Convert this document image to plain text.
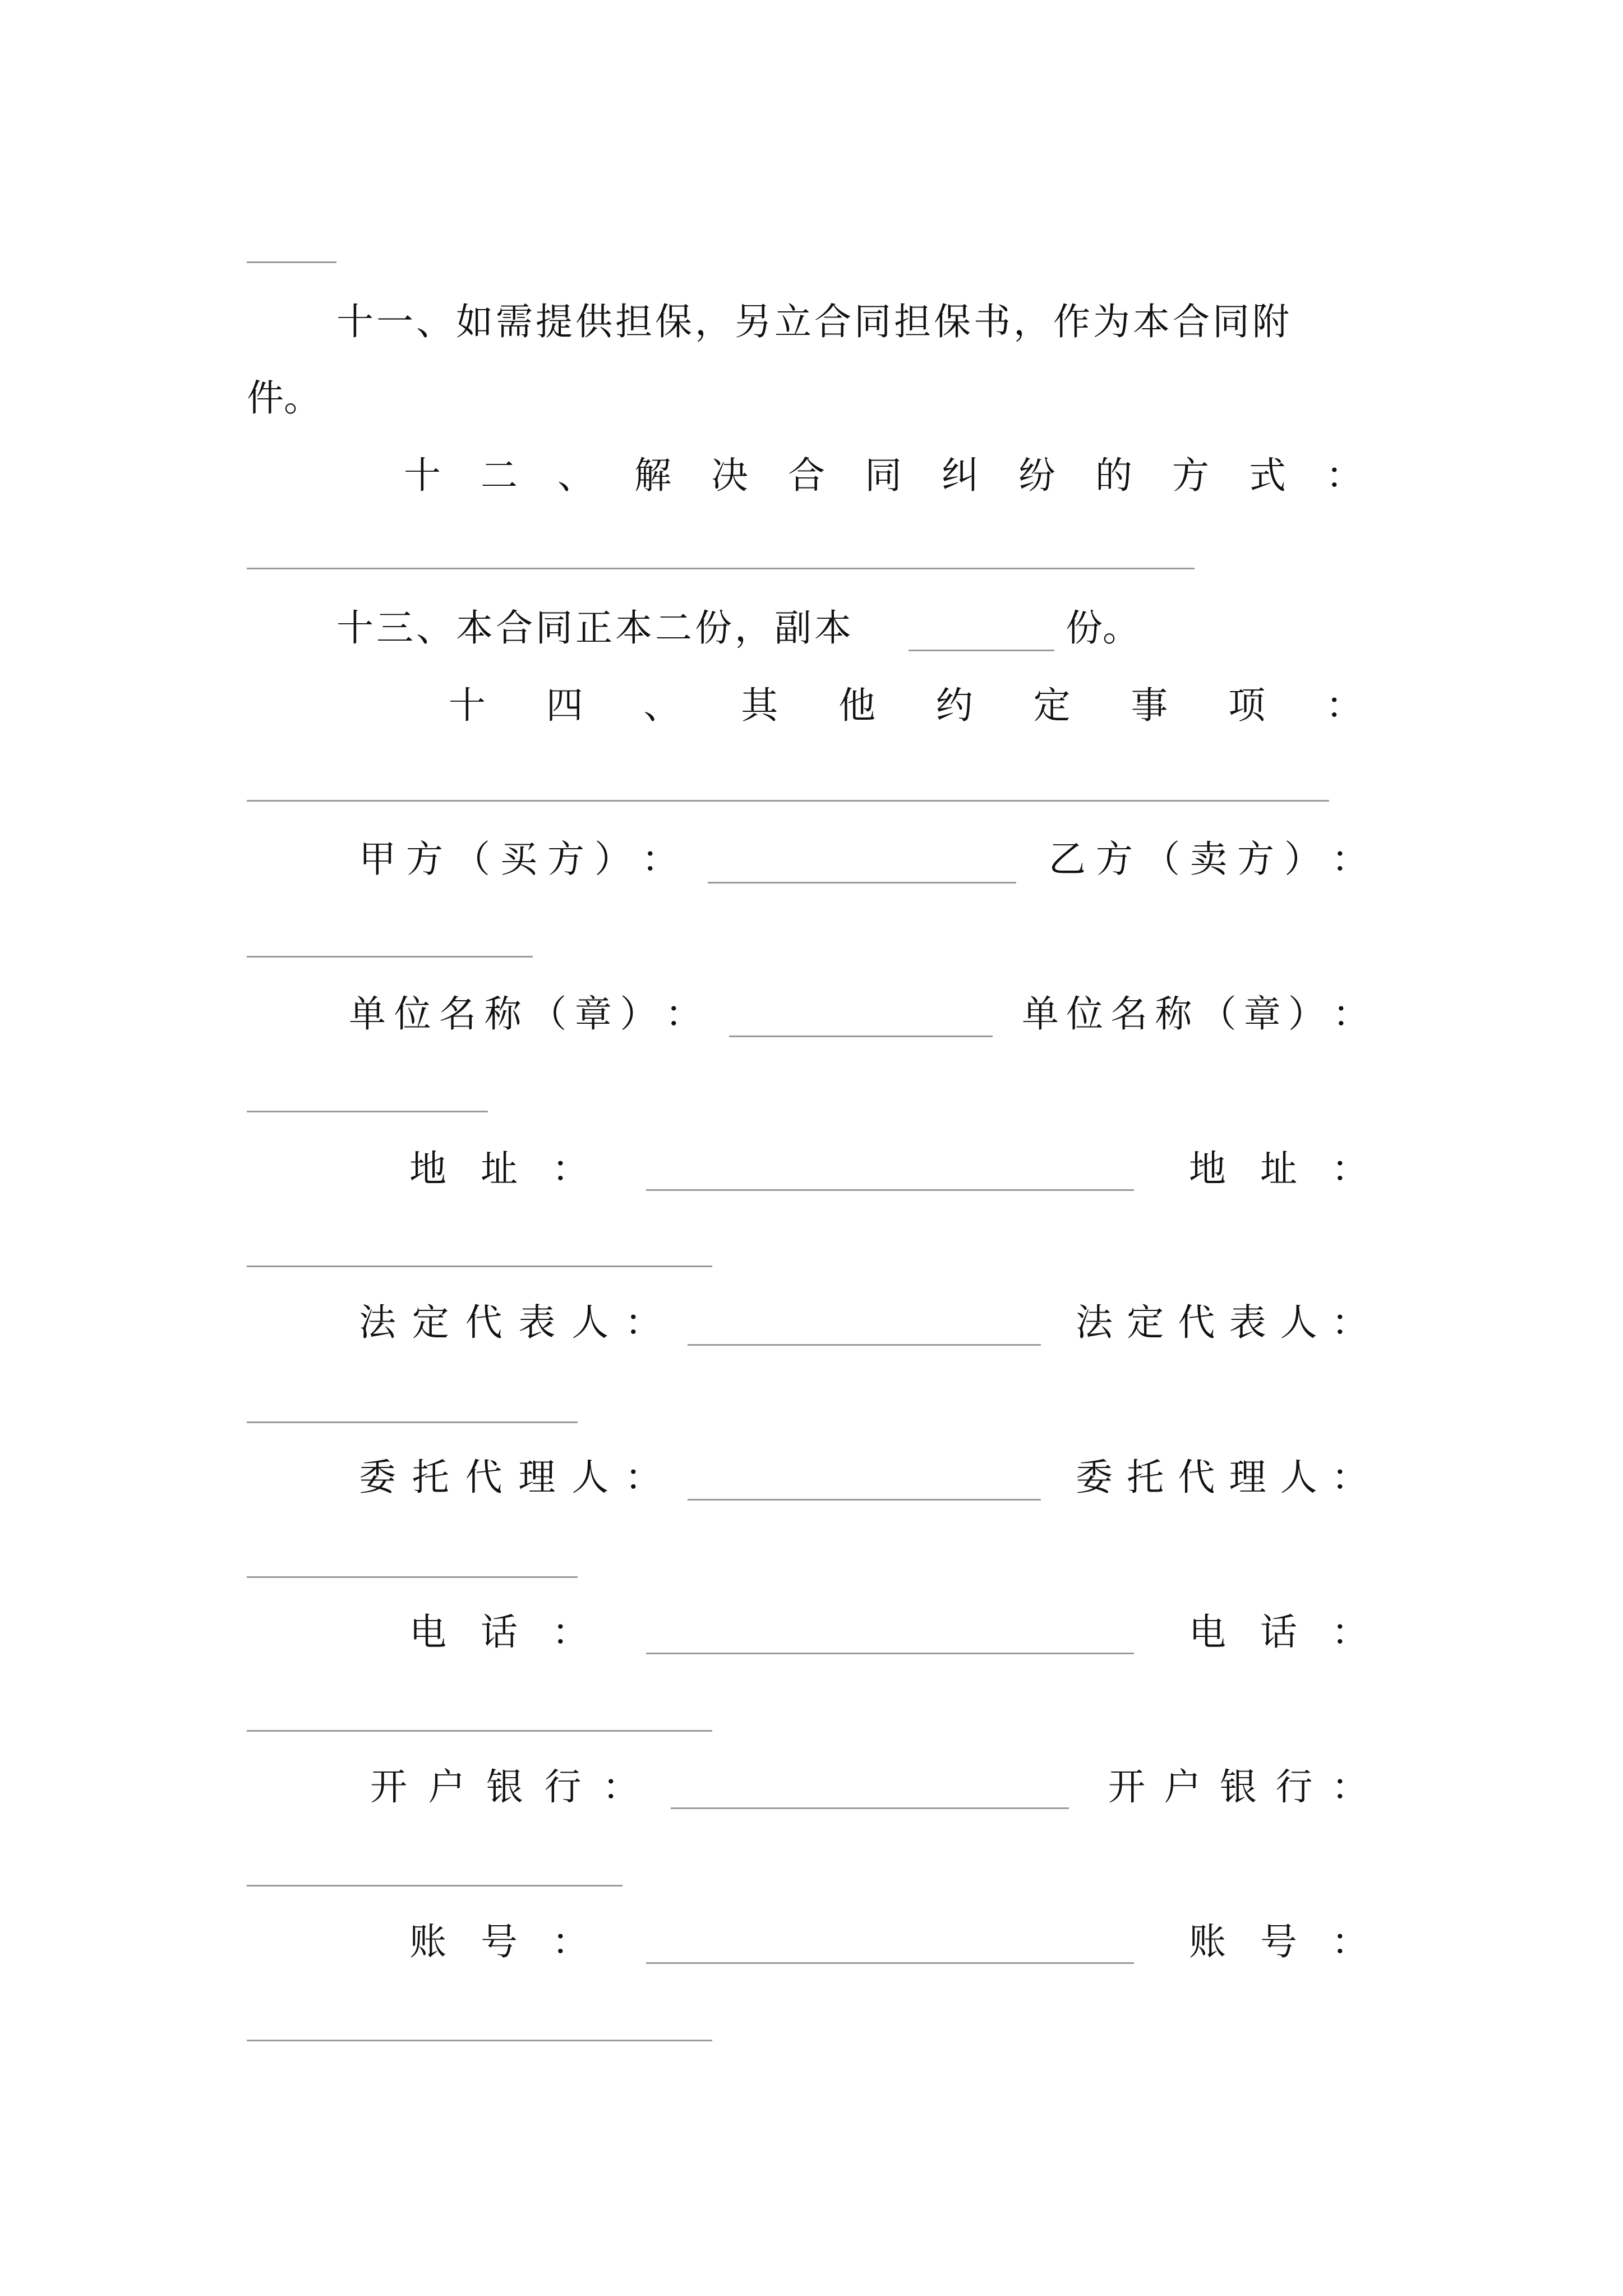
十一、如需提供担保，另立合同担保书，作为本合同附
件。
十 二 、 解 决 合 同 纠 纷 的 方 式 ：
十三、本合同正本二份，副本	份。
十 四 、 其 他 约 定 事 项 ：
甲 方 （ 买 方 ） ：	乙 方 （ 卖 方 ） ：
单 位 名 称 （ 章 ） ：	单 位 名 称 （ 章 ） ：
地 址 ：	地 址 ：
法 定 代 表 人 ：	法 定 代 表 人 ：
委 托 代 理 人 ：	委 托 代 理 人 ：
电 话 ：	电 话 ：
开 户 银 行 ：	开 户 银 行 ：
账 号 ：	账 号 ：
